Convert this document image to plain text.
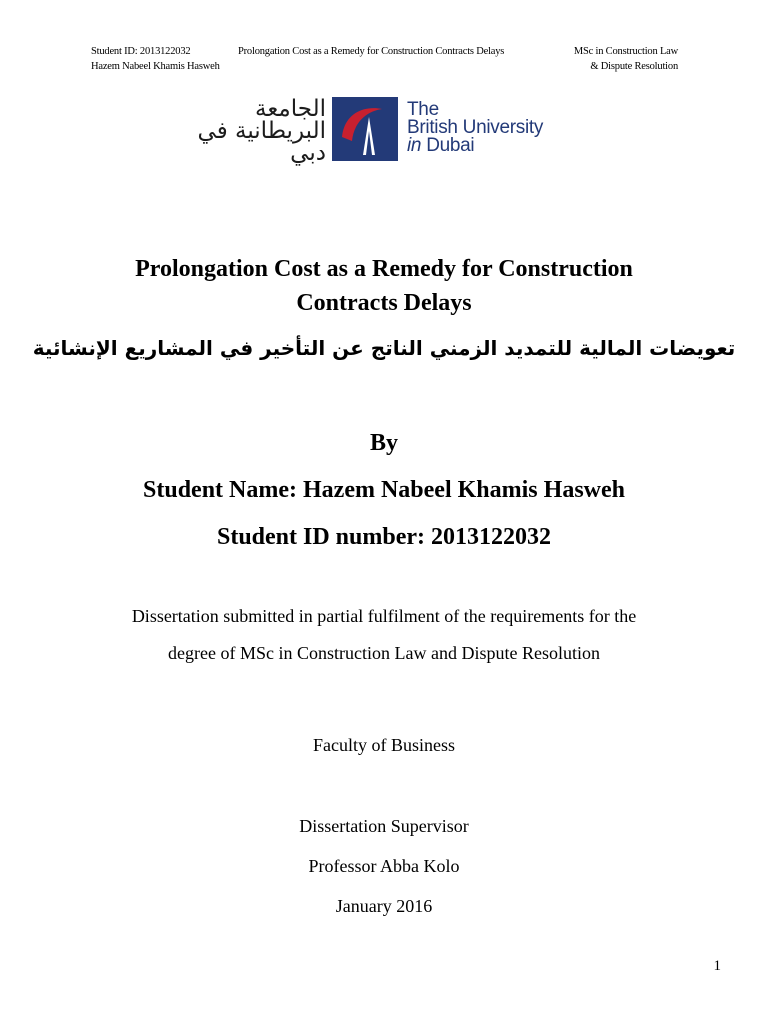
Student ID: 2013122032	Prolongation Cost as a Remedy for Construction Contracts Delays	MSc in Construction Law
Hazem Nabeel Khamis Hasweh	& Dispute Resolution
الجامعة البريطانية في دبي
The
British University
in Dubai
Prolongation Cost as a Remedy for Construction
Contracts Delays
تعويضات المالية للتمديد الزمني الناتج عن التأخير في المشاريع الإنشائية
By
Student Name: Hazem Nabeel Khamis Hasweh
Student ID number: 2013122032
Dissertation submitted in partial fulfilment of the requirements for the
degree of MSc in Construction Law and Dispute Resolution
Faculty of Business
Dissertation Supervisor
Professor Abba Kolo
January 2016
1
